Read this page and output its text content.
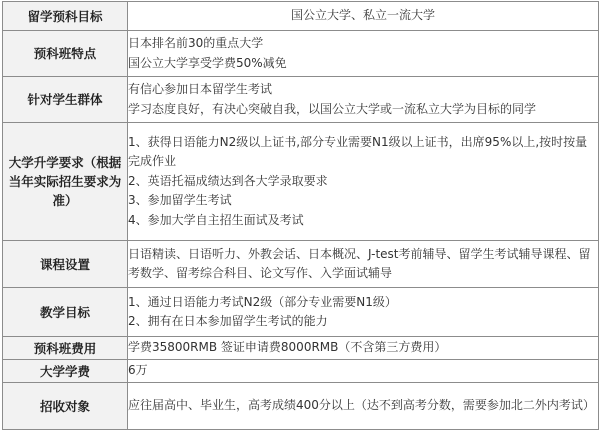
留学预科目标	国公立大学、私立一流大学
预科班特点	日本排名前30的重点大学
国公立大学享受学费50%减免

针对学生群体	有信心参加日本留学生考试
学习态度良好，有决心突破自我，以国公立大学或一流私立大学为目标的同学

大学升学要求（根据当年实际招生要求为准）	1、获得日语能力N2级以上证书,部分专业需要N1级以上证书，出席95%以上,按时按量完成作业
2、英语托福成绩达到各大学录取要求
3、参加留学生考试
4、参加大学自主招生面试及考试

课程设置	日语精读、日语听力、外教会话、日本概况、J-test考前辅导、留学生考试辅导课程、留考数学、留考综合科目、论文写作、入学面试辅导

教学目标	1、通过日语能力考试N2级（部分专业需要N1级）
2、拥有在日本参加留学生考试的能力

预科班费用	学费35800RMB 签证申请费8000RMB（不含第三方费用）

大学学费	6万

招收对象	应往届高中、毕业生，高考成绩400分以上（达不到高考分数，需要参加北二外内考试）
